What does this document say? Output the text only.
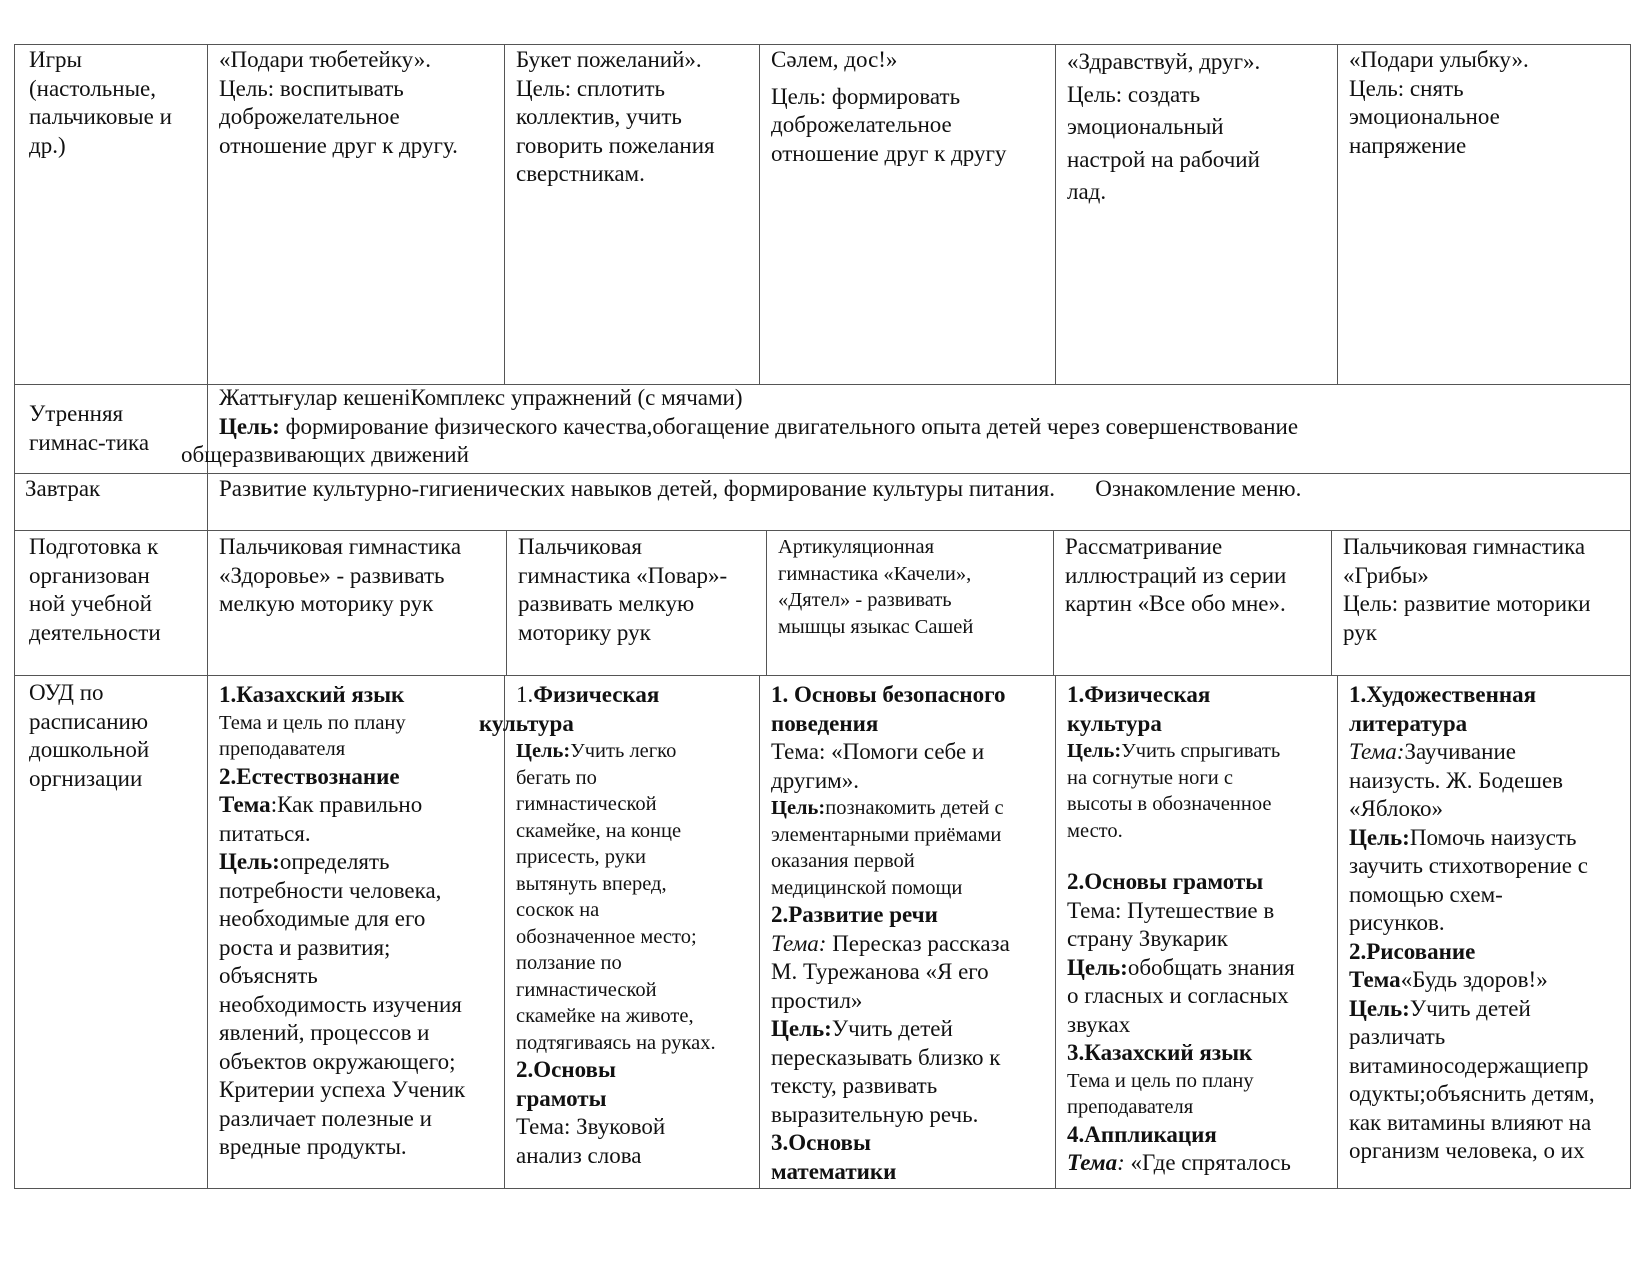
Игры
(настольные,
пальчиковые и
др.)
«Подари тюбетейку».
Цель: воспитывать
доброжелательное
отношение друг к другу.
Букет пожеланий».
Цель: сплотить
коллектив, учить
говорить пожелания
сверстникам.
Сәлем, дос!»
Цель: формировать
доброжелательное
отношение друг к другу
«Здравствуй, друг».
Цель: создать
эмоциональный
настрой на рабочий
лад.
«Подари улыбку».
Цель: снять
эмоциональное
напряжение
Утренняя
гимнас-тика
Жаттығулар кешеніКомплекс упражнений (с мячами)
Цель: формирование физического качества,обогащение двигательного опыта детей через совершенствование
общеразвивающих движений
Завтрак	Развитие культурно-гигиенических навыков детей, формирование культуры питания.       Ознакомление меню.
Подготовка к
организован
ной учебной
деятельности
Пальчиковая гимнастика
«Здоровье» - развивать
мелкую моторику рук
Пальчиковая
гимнастика «Повар»-
развивать мелкую
моторику рук
Артикуляционная
гимнастика «Качели»,
«Дятел» - развивать
мышцы языкас Сашей
Рассматривание
иллюстраций из серии
картин «Все обо мне».
Пальчиковая гимнастика
«Грибы»
Цель: развитие моторики
рук
ОУД по
расписанию
дошкольной
оргнизации
1.Казахский язык
Тема и цель по плану
преподавателя
2.Естествознание
Тема:Как правильно
питаться.
Цель:определять
потребности человека,
необходимые для его
роста и развития;
объяснять
необходимость изучения
явлений, процессов и
объектов окружающего;
Критерии успеха Ученик
различает полезные и
вредные продукты.
1.Физическая
культура
Цель:Учить легко
бегать по
гимнастической
скамейке, на конце
присесть, руки
вытянуть вперед,
соскок на
обозначенное место;
ползание по
гимнастической
скамейке на животе,
подтягиваясь на руках.
2.Основы
грамоты
Тема: Звуковой
анализ слова
1. Основы безопасного
поведения
Тема: «Помоги себе и
другим».
Цель:познакомить детей с
элементарными приёмами
оказания первой
медицинской помощи
2.Развитие речи
Тема: Пересказ рассказа
М. Турежанова «Я его
простил»
Цель:Учить детей
пересказывать близко к
тексту, развивать
выразительную речь.
3.Основы
математики
1.Физическая
культура
Цель:Учить спрыгивать
на согнутые ноги с
высоты в обозначенное
место.
2.Основы грамоты
Тема: Путешествие в
страну Звукарик
Цель:обобщать знания
о гласных и согласных
звуках
3.Казахский язык
Тема и цель по плану
преподавателя
4.Аппликация
Тема: «Где спряталось
1.Художественная
литература
Тема:Заучивание
наизусть. Ж. Бодешев
«Яблоко»
Цель:Помочь наизусть
заучить стихотворение с
помощью схем-
рисунков.
2.Рисование
Тема«Будь здоров!»
Цель:Учить детей
различать
витаминосодержащиепр
одукты;объяснить детям,
как витамины влияют на
организм человека, о их
